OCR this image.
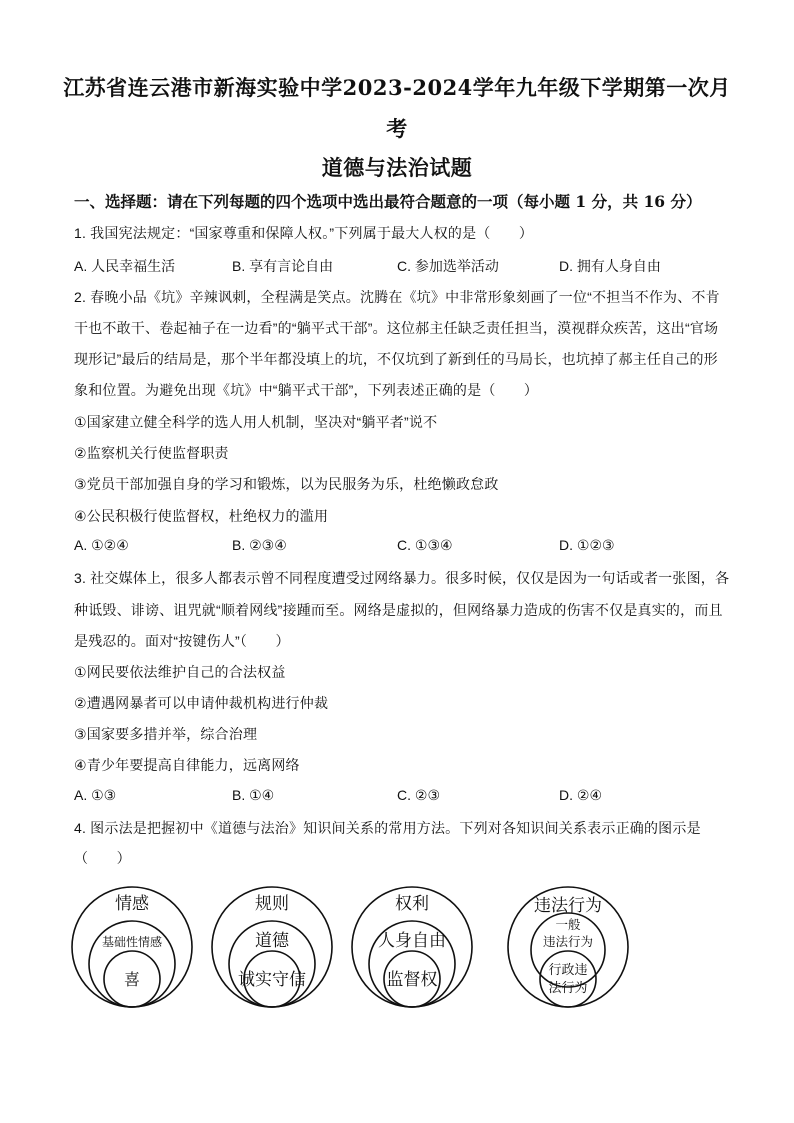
江苏省连云港市新海实验中学2023-2024学年九年级下学期第一次月
考
道德与法治试题
一、选择题：请在下列每题的四个选项中选出最符合题意的一项（每小题 1 分，共 16 分）
1. 我国宪法规定：“国家尊重和保障人权。”下列属于最大人权的是（　　）
A. 人民幸福生活	B. 享有言论自由	C. 参加选举活动	D. 拥有人身自由
2. 春晚小品《坑》辛辣讽刺，全程满是笑点。沈腾在《坑》中非常形象刻画了一位“不担当不作为、不肯
干也不敢干、卷起袖子在一边看”的“躺平式干部”。这位郝主任缺乏责任担当，漠视群众疾苦，这出“官场
现形记”最后的结局是，那个半年都没填上的坑，不仅坑到了新到任的马局长，也坑掉了郝主任自己的形
象和位置。为避免出现《坑》中“躺平式干部”，下列表述正确的是（　　）
①国家建立健全科学的选人用人机制，坚决对“躺平者”说不
②监察机关行使监督职责
③党员干部加强自身的学习和锻炼，以为民服务为乐，杜绝懒政怠政
④公民积极行使监督权，杜绝权力的滥用
A. ①②④	B. ②③④	C. ①③④	D. ①②③
3. 社交媒体上，很多人都表示曾不同程度遭受过网络暴力。很多时候，仅仅是因为一句话或者一张图，各
种诋毁、诽谤、诅咒就“顺着网线”接踵而至。网络是虚拟的，但网络暴力造成的伤害不仅是真实的，而且
是残忍的。面对“按键伤人”（　　）
①网民要依法维护自己的合法权益
②遭遇网暴者可以申请仲裁机构进行仲裁
③国家要多措并举，综合治理
④青少年要提高自律能力，远离网络
A. ①③	B. ①④	C. ②③	D. ②④
4. 图示法是把握初中《道德与法治》知识间关系的常用方法。下列对各知识间关系表示正确的图示是
（　　）
情感
基础性情感
喜
规则
道德
诚实守信
权利
人身自由
监督权
违法行为
一般
违法行为
行政违
法行为
